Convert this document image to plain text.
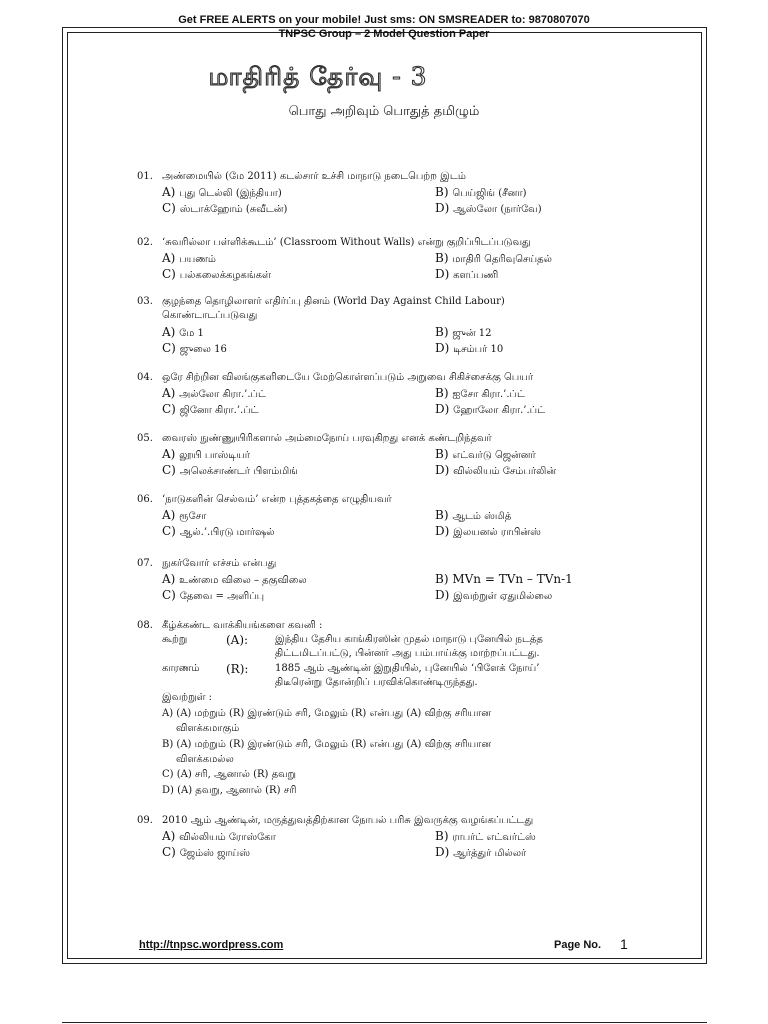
Get FREE ALERTS on your mobile! Just sms: ON SMSREADER to: 9870807070
TNPSC Group – 2 Model Question Paper
மாதிரித் தேர்வு - 3
பொது அறிவும் பொதுத் தமிழும்
01. அண்மையில் (மே 2011) கடல்சார் உச்சி மாநாடு நடைபெற்ற இடம்
A) புது டெல்லி (இந்தியா)	B) பெய்ஜிங் (சீனா)
C) ஸ்டாக்ஹோம் (சுவீடன்)	D) ஆஸ்லோ (நார்வே)
02. ‘சுவரில்லா பள்ளிக்கூடம்’ (Classroom Without Walls) என்று குறிப்பிடப்படுவது
A) பயணம்	B) மாதிரி தெரிவுசெய்தல்
C) பல்கலைக்கழகங்கள்	D) களப்பணி
03. குழந்தை தொழிலாளர் எதிர்ப்பு தினம் (World Day Against Child Labour)
கொண்டாடப்படுவது
A) மே 1	B) ஜுன் 12
C) ஜுலை 16	D) டிசம்பர் 10
04. ஒரே சிற்றின விலங்குகளிடையே மேற்கொள்ளப்படும் அறுவை சிகிச்சைக்கு பெயர்
A) அல்லோ கிரா.’.ப்ட்	B) ஐசோ கிரா.’.ப்ட்
C) ஜினோ கிரா.’.ப்ட்	D) ஹோலோ கிரா.’.ப்ட்
05. வைரஸ் நுண்ணுயிரிகளால் அம்மைநோய் பரவுகிறது எனக் கண்டறிந்தவர்
A) லூயி பாஸ்டியர்	B) எட்வர்டு ஜென்னர்
C) அலெக்சாண்டர் பிளம்மிங்	D) வில்லியம் சேம்பர்லின்
06. ‘நாடுகளின் செல்வம்’ என்ற புத்தகத்தை எழுதியவர்
A) ரூசோ	B) ஆடம் ஸ்மித்
C) ஆல்.’.பிரடு மார்ஷல்	D) இலயனல் ராபின்ஸ்
07. நுகர்வோர் எச்சம் என்பது
A) உண்மை விலை – தகுவிலை	B) MVn = TVn – TVn-1
C) தேவை = அளிப்பு	D) இவற்றுள் ஏதுமில்லை
09. 2010 ஆம் ஆண்டின், மருத்துவத்திற்கான நோபல் பரிசு இவருக்கு வழங்கப்பட்டது
A) வில்லியம் ரோஸ்கோ	B) ராபர்ட் எட்வர்ட்ஸ்
C) ஜேம்ஸ் ஜாய்ஸ்	D) ஆர்த்துர் மில்லர்
08. கீழ்க்கண்ட வாக்கியங்களை கவனி :
கூற்று	(A):	இந்திய தேசிய காங்கிரஸின் முதல் மாநாடு புனேயில் நடத்த
திட்டமிடப்பட்டு, பின்னர் அது பம்பாய்க்கு மாற்றப்பட்டது.
காரணம் (R):	1885 ஆம் ஆண்டின் இறுதியில், புனேயில் ‘பிளேக் நோய்’
திடீரென்று தோன்றிப் பரவிக்கொண்டிருந்தது.
இவற்றுள் :
A) (A) மற்றும் (R) இரண்டும் சரி, மேலும் (R) என்பது (A) விற்கு சரியான
விளக்கமாகும்
B) (A) மற்றும் (R) இரண்டும் சரி, மேலும் (R) என்பது (A) விற்கு சரியான
விளக்கமல்ல
C) (A) சரி, ஆனால் (R) தவறு
D) (A) தவறு, ஆனால் (R) சரி
http://tnpsc.wordpress.com	Page No. 1
